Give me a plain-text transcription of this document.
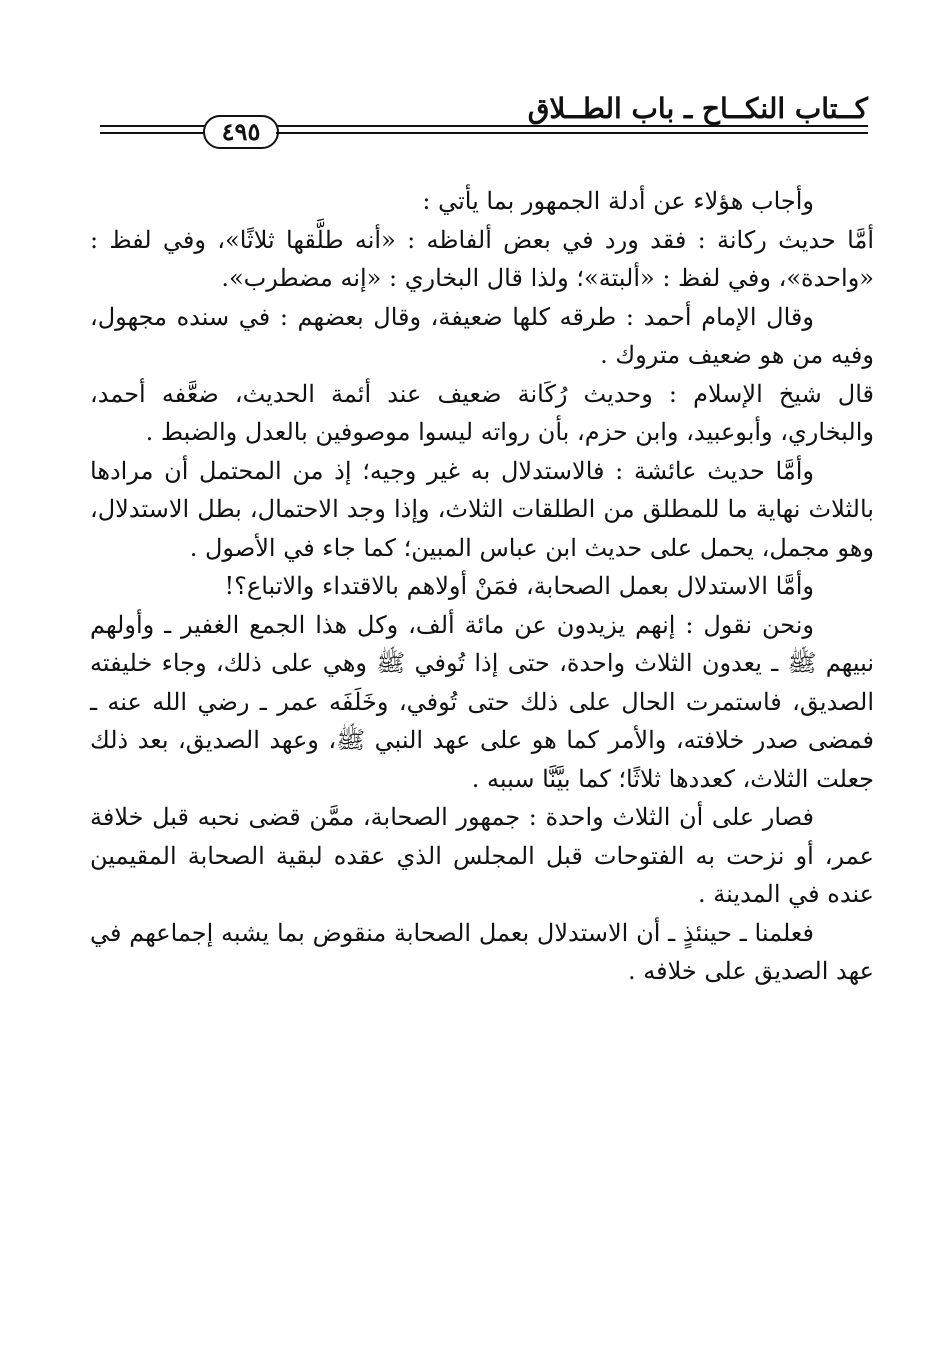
كــتاب النكــاح ـ باب الطــلاق
٤٩٥

وأجاب هؤلاء عن أدلة الجمهور بما يأتي :

أمَّا حديث ركانة : فقد ورد في بعض ألفاظه : «أنه طلَّقها ثلاثًا»، وفي لفظ : «واحدة»، وفي لفظ : «ألبتة»؛ ولذا قال البخاري : «إنه مضطرب».

وقال الإمام أحمد : طرقه كلها ضعيفة، وقال بعضهم : في سنده مجهول، وفيه من هو ضعيف متروك .

قال شيخ الإسلام : وحديث رُكَانة ضعيف عند أئمة الحديث، ضعَّفه أحمد، والبخاري، وأبوعبيد، وابن حزم، بأن رواته ليسوا موصوفين بالعدل والضبط .

وأمَّا حديث عائشة : فالاستدلال به غير وجيه؛ إذ من المحتمل أن مرادها بالثلاث نهاية ما للمطلق من الطلقات الثلاث، وإذا وجد الاحتمال، بطل الاستدلال، وهو مجمل، يحمل على حديث ابن عباس المبين؛ كما جاء في الأصول .

وأمَّا الاستدلال بعمل الصحابة، فمَنْ أولاهم بالاقتداء والاتباع؟!

ونحن نقول : إنهم يزيدون عن مائة ألف، وكل هذا الجمع الغفير ـ وأولهم نبيهم ﷺ ـ يعدون الثلاث واحدة، حتى إذا تُوفي ﷺ وهي على ذلك، وجاء خليفته الصديق، فاستمرت الحال على ذلك حتى تُوفي، وخَلَفَه عمر ـ رضي الله عنه ـ فمضى صدر خلافته، والأمر كما هو على عهد النبي ﷺ، وعهد الصديق، بعد ذلك جعلت الثلاث، كعددها ثلاثًا؛ كما بيَّنَّا سببه .

فصار على أن الثلاث واحدة : جمهور الصحابة، ممَّن قضى نحبه قبل خلافة عمر، أو نزحت به الفتوحات قبل المجلس الذي عقده لبقية الصحابة المقيمين عنده في المدينة .

فعلمنا ـ حينئذٍ ـ أن الاستدلال بعمل الصحابة منقوض بما يشبه إجماعهم في عهد الصديق على خلافه .
